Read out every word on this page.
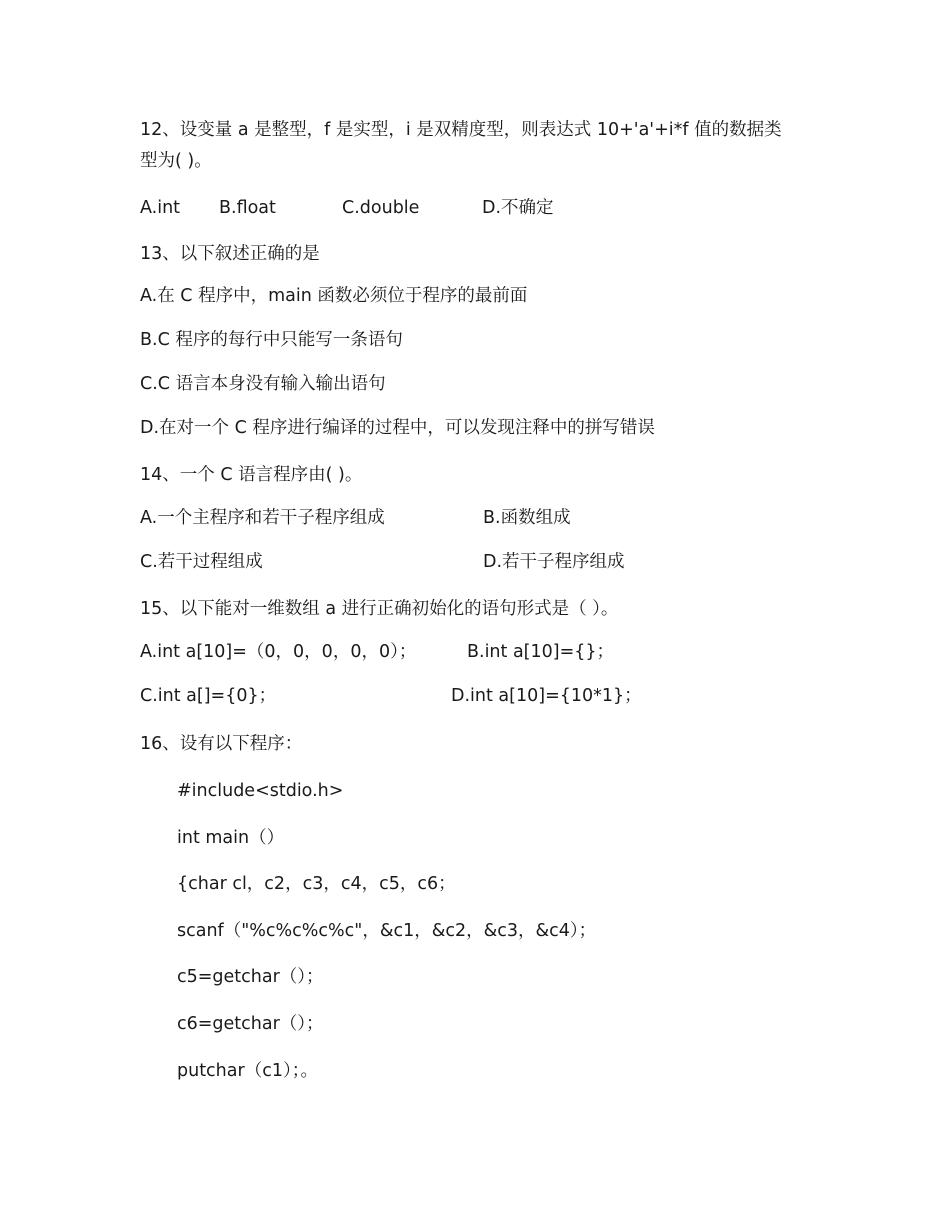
12、设变量 a 是整型，f 是实型，i 是双精度型，则表达式 10+'a'+i*f 值的数据类
型为( )。
A.int B.float	C.double	D.不确定
13、以下叙述正确的是
A.在 C 程序中，main 函数必须位于程序的最前面
B.C 程序的每行中只能写一条语句
C.C 语言本身没有输入输出语句
D.在对一个 C 程序进行编译的过程中，可以发现注释中的拼写错误
14、一个 C 语言程序由( )。
A.一个主程序和若干子程序组成	B.函数组成
C.若干过程组成	D.若干子程序组成
15、以下能对一维数组 a 进行正确初始化的语句形式是（ ）。
A.int a[10]=（0，0，0，0，0）；	B.int a[10]={}；
C.int a[]={0}；	D.int a[10]={10*1}；
16、设有以下程序：
#include<stdio.h>
int main（）
{char cl，c2，c3，c4，c5，c6；
scanf（"%c%c%c%c"，&c1，&c2，&c3，&c4）；
c5=getchar（）；
c6=getchar（）；
putchar（c1）；。
